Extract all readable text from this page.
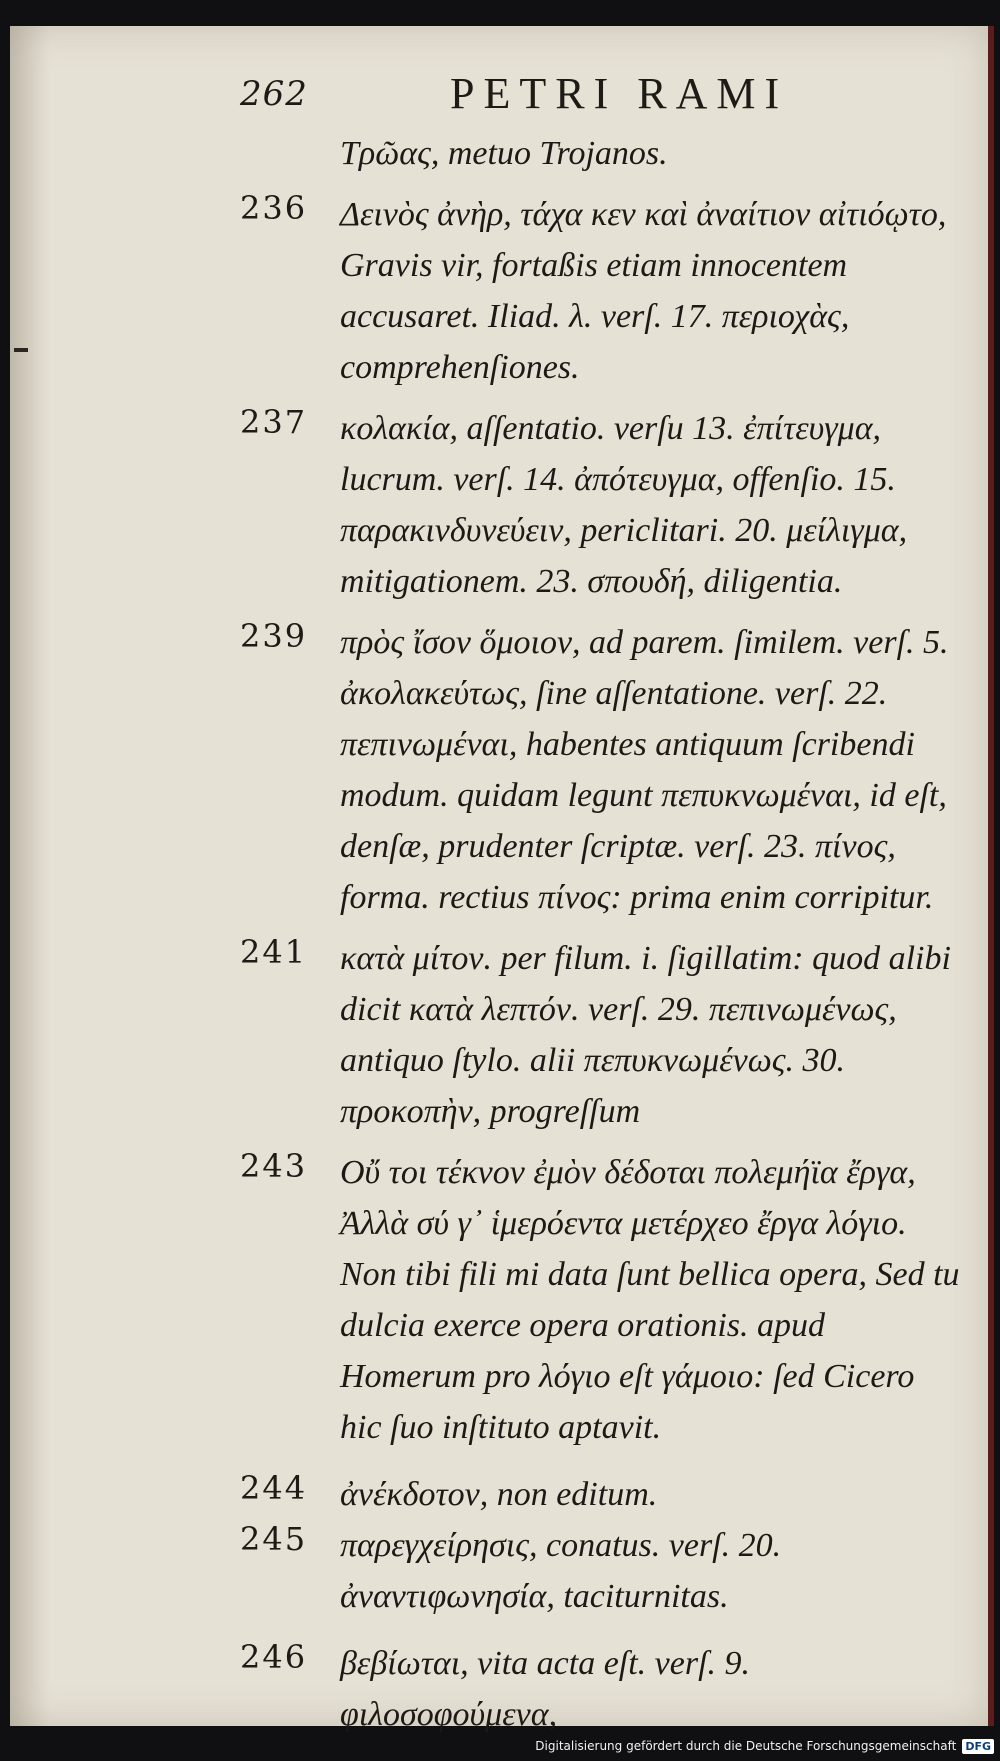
262	PETRI RAMI

Τρῶας, metuo Trojanos.

236 Δεινὸς ἀνὴρ, τάχα κεν καὶ ἀναίτιον αἰτιόῳτο, Gravis vir, fortaßis etiam innocentem accusaret. Iliad. λ. verſ. 17. περιοχὰς, comprehenſiones.

237 κολακία, aſſentatio. verſu 13. ἐπίτευγμα, lucrum. verſ. 14. ἀπότευγμα, offenſio. 15. παρακινδυνεύειν, periclitari. 20. μείλιγμα, mitigationem. 23. σπουδή, diligentia.

239 πρὸς ἴσον ὅμοιον, ad parem. ſimilem. verſ. 5. ἀκολακεύτως, ſine aſſentatione. verſ. 22. πεπινωμέναι, habentes antiquum ſcribendi modum. quidam legunt πεπυκνωμέναι, id eſt, denſæ, prudenter ſcriptæ. verſ. 23. πίνος, forma. rectius πίνος: prima enim corripitur.

241 κατὰ μίτον. per filum. i. ſigillatim: quod alibi dicit κατὰ λεπτόν. verſ. 29. πεπινωμένως, antiquo ſtylo. alii πεπυκνωμένως. 30. προκοπὴν, progreſſum

243 Οὔ τοι τέκνον ἐμὸν δέδοται πολεμήϊα ἔργα, Ἀλλὰ σύ γ᾽ ἱμερόεντα μετέρχεο ἔργα λόγιο. Non tibi fili mi data ſunt bellica opera, Sed tu dulcia exerce opera orationis. apud Homerum pro λόγιο eſt γάμοιο: ſed Cicero hic ſuo inſtituto aptavit.

244 ἀνέκδοτον, non editum.

245 παρεγχείρησις, conatus. verſ. 20. ἀναντιφωνησία, taciturnitas.

246 βεβίωται, vita acta eſt. verſ. 9. φιλοσοφούμενα,

Digitalisierung gefördert durch die Deutsche Forschungsgemeinschaft DFG
